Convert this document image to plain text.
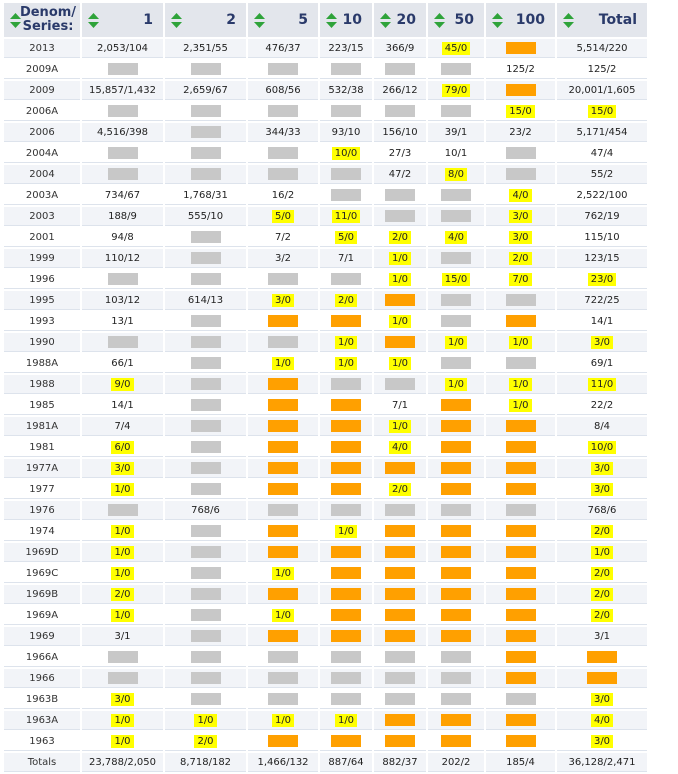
Denom/
Series:	1	2	5	10	20	50	100	Total

2013	2,053/104	2,351/55	476/37	223/15	366/9	45/0		5,514/220
2009A							125/2	125/2
2009	15,857/1,432	2,659/67	608/56	532/38	266/12	79/0		20,001/1,605
2006A							15/0	15/0
2006	4,516/398		344/33	93/10	156/10	39/1	23/2	5,171/454
2004A				10/0	27/3	10/1		47/4
2004					47/2	8/0		55/2
2003A	734/67	1,768/31	16/2				4/0	2,522/100
2003	188/9	555/10	5/0	11/0			3/0	762/19
2001	94/8		7/2	5/0	2/0	4/0	3/0	115/10
1999	110/12		3/2	7/1	1/0		2/0	123/15
1996					1/0	15/0	7/0	23/0
1995	103/12	614/13	3/0	2/0				722/25
1993	13/1				1/0			14/1
1990				1/0		1/0	1/0	3/0
1988A	66/1		1/0	1/0	1/0			69/1
1988	9/0					1/0	1/0	11/0
1985	14/1				7/1		1/0	22/2
1981A	7/4				1/0			8/4
1981	6/0				4/0			10/0
1977A	3/0							3/0
1977	1/0				2/0			3/0
1976		768/6						768/6
1974	1/0			1/0				2/0
1969D	1/0							1/0
1969C	1/0		1/0					2/0
1969B	2/0							2/0
1969A	1/0		1/0					2/0
1969	3/1							3/1
1966A								
1966								
1963B	3/0							3/0
1963A	1/0	1/0	1/0	1/0				4/0
1963	1/0	2/0						3/0
Totals	23,788/2,050	8,718/182	1,466/132	887/64	882/37	202/2	185/4	36,128/2,471
